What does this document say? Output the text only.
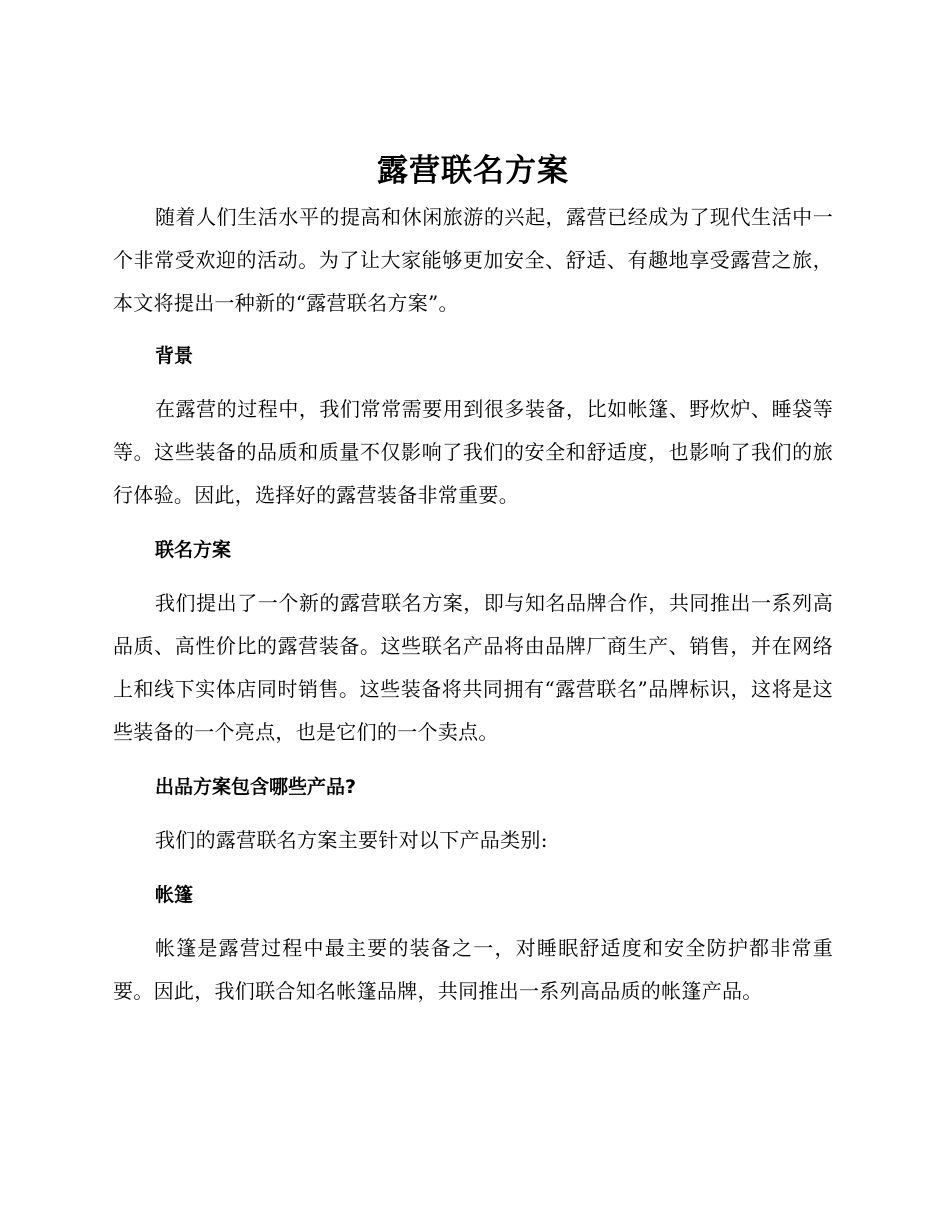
露营联名方案

随着人们生活水平的提高和休闲旅游的兴起，露营已经成为了现代生活中一个非常受欢迎的活动。为了让大家能够更加安全、舒适、有趣地享受露营之旅，本文将提出一种新的“露营联名方案”。

背景

在露营的过程中，我们常常需要用到很多装备，比如帐篷、野炊炉、睡袋等等。这些装备的品质和质量不仅影响了我们的安全和舒适度，也影响了我们的旅行体验。因此，选择好的露营装备非常重要。

联名方案

我们提出了一个新的露营联名方案，即与知名品牌合作，共同推出一系列高品质、高性价比的露营装备。这些联名产品将由品牌厂商生产、销售，并在网络上和线下实体店同时销售。这些装备将共同拥有“露营联名”品牌标识，这将是这些装备的一个亮点，也是它们的一个卖点。

出品方案包含哪些产品?

我们的露营联名方案主要针对以下产品类别:

帐篷

帐篷是露营过程中最主要的装备之一，对睡眠舒适度和安全防护都非常重要。因此，我们联合知名帐篷品牌，共同推出一系列高品质的帐篷产品。
